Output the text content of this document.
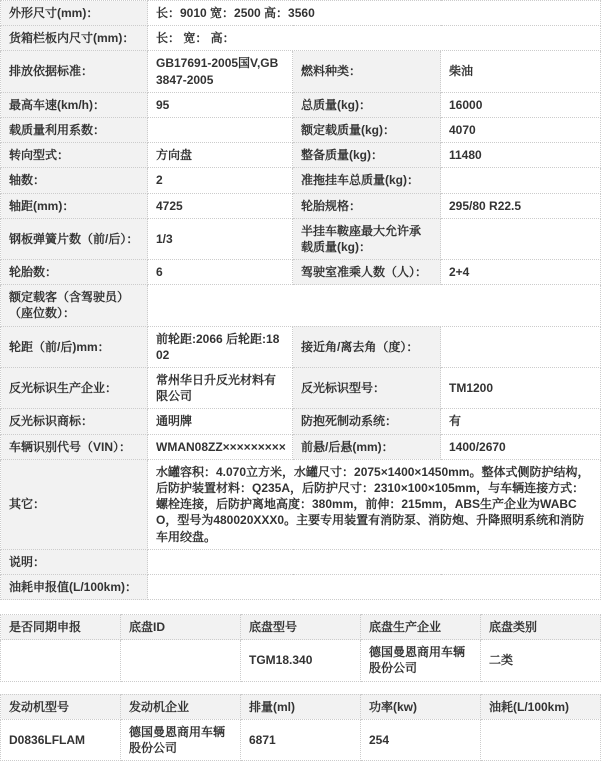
外形尺寸(mm)：	长：9010 宽：2500 高：3560		
货箱栏板内尺寸(mm)：	长： 宽： 高：		
排放依据标准：	GB17691-2005国V,GB3847-2005	燃料种类：	柴油
最高车速(km/h)：	95	总质量(kg)：	16000
载质量利用系数：		额定载质量(kg)：	4070
转向型式：	方向盘	整备质量(kg)：	11480
轴数：	2	准拖挂车总质量(kg)：	
轴距(mm)：	4725	轮胎规格：	295/80 R22.5
钢板弹簧片数（前/后）：	1/3	半挂车鞍座最大允许承载质量(kg)：	
轮胎数：	6	驾驶室准乘人数（人）：	2+4
额定载客（含驾驶员）（座位数）：			
轮距（前/后)mm：	前轮距:2066 后轮距:1802	接近角/离去角（度）：	
反光标识生产企业：	常州华日升反光材料有限公司	反光标识型号：	TM1200
反光标识商标：	通明牌	防抱死制动系统：	有
车辆识别代号（VIN）：	WMAN08ZZ×××××××××	前悬/后悬(mm)：	1400/2670
其它：	水罐容积：4.070立方米，水罐尺寸：2075×1400×1450mm。整体式侧防护结构，后防护装置材料：Q235A，后防护尺寸：2310×100×105mm，与车辆连接方式：螺栓连接，后防护离地高度：380mm，前伸：215mm，ABS生产企业为WABCO，型号为480020XXX0。主要专用装置有消防泵、消防炮、升降照明系统和消防车用绞盘。		
说明：			
油耗申报值(L/100km)：			
是否同期申报	底盘ID	底盘型号	底盘生产企业	底盘类别
		TGM18.340	德国曼恩商用车辆股份公司	二类
发动机型号	发动机企业	排量(ml)	功率(kw)	油耗(L/100km)
D0836LFLAM	德国曼恩商用车辆股份公司	6871	254	
